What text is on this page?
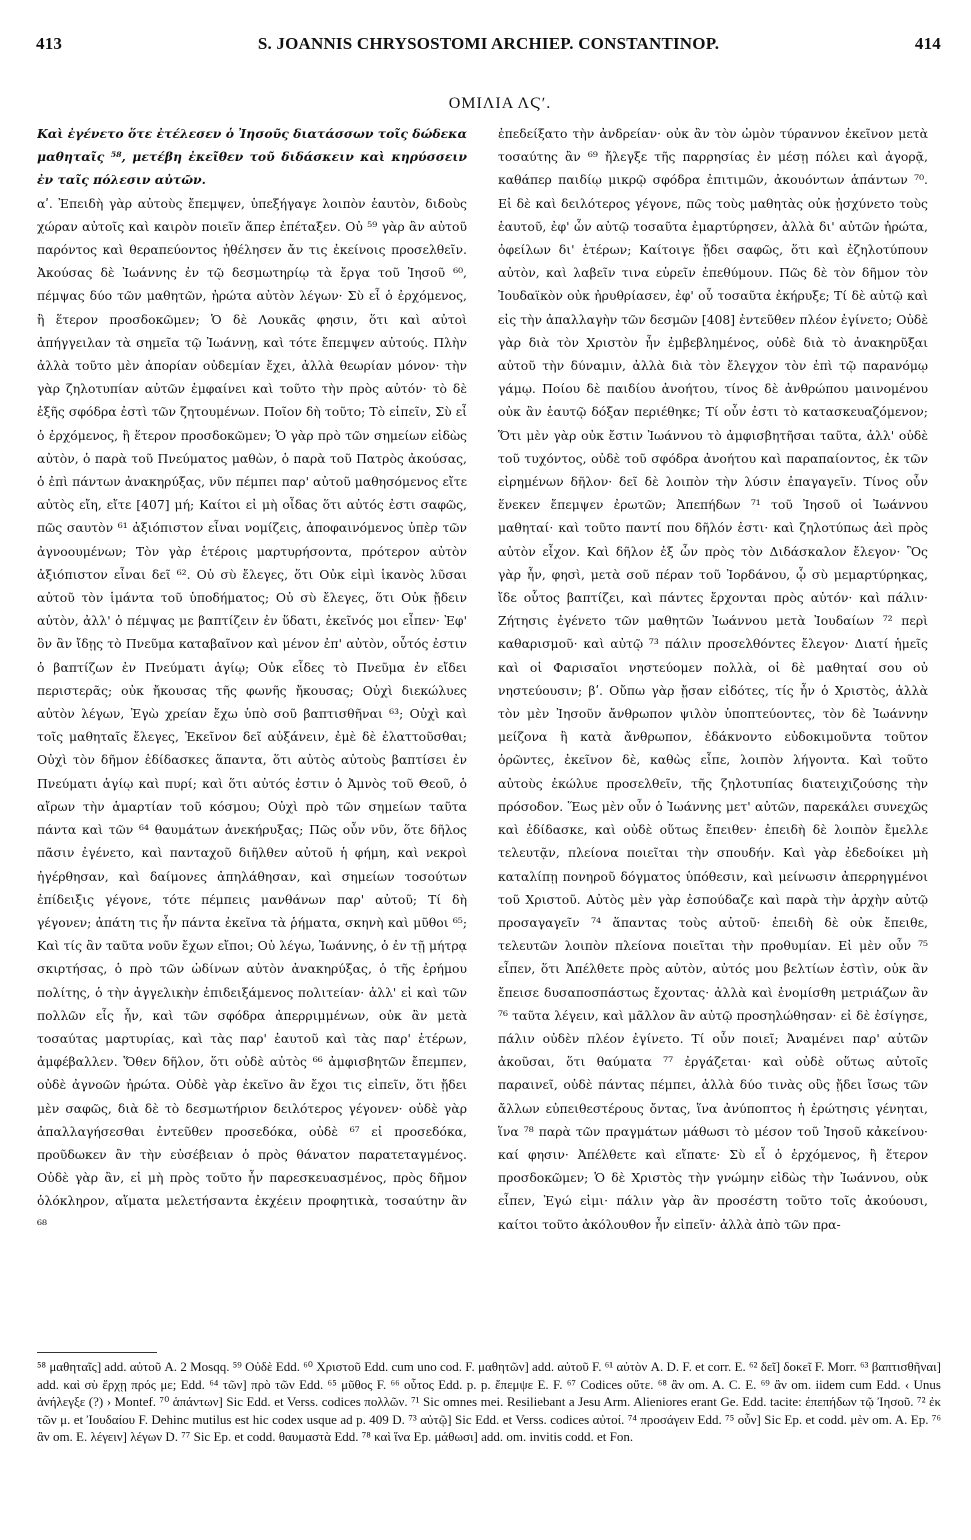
413	S. JOANNIS CHRYSOSTOMI ARCHIEP. CONSTANTINOP.	414
ΟΜΙΛΙΑ ΛϚʹ.

Καὶ ἐγένετο ὅτε ἐτέλεσεν ὁ Ἰησοῦς διατάσσων τοῖς δώδεκα μαθηταῖς ⁵⁸, μετέβη ἐκεῖθεν τοῦ διδάσκειν καὶ κηρύσσειν ἐν ταῖς πόλεσιν αὐτῶν.

αʹ. Ἐπειδὴ γὰρ αὐτοὺς ἔπεμψεν, ὑπεξήγαγε λοιπὸν ἑαυτὸν, διδοὺς χώραν αὐτοῖς καὶ καιρὸν ποιεῖν ἅπερ ἐπέταξεν. Οὐ ⁵⁹ γὰρ ἂν αὐτοῦ παρόντος καὶ θεραπεύοντος ἠθέλησεν ἄν τις ἐκείνοις προσελθεῖν. Ἀκούσας δὲ Ἰωάννης ἐν τῷ δεσμωτηρίῳ τὰ ἔργα τοῦ Ἰησοῦ ⁶⁰, πέμψας δύο τῶν μαθητῶν, ἠρώτα αὐτὸν λέγων· Σὺ εἶ ὁ ἐρχόμενος, ἢ ἕτερον προσδοκῶμεν; Ὁ δὲ Λουκᾶς φησιν, ὅτι καὶ αὐτοὶ ἀπήγγειλαν τὰ σημεῖα τῷ Ἰωάννῃ, καὶ τότε ἔπεμψεν αὐτούς. Πλὴν ἀλλὰ τοῦτο μὲν ἀπορίαν οὐδεμίαν ἔχει, ἀλλὰ θεωρίαν μόνον· τὴν γὰρ ζηλοτυπίαν αὐτῶν ἐμφαίνει καὶ τοῦτο τὴν πρὸς αὐτόν· τὸ δὲ ἑξῆς σφόδρα ἐστὶ τῶν ζητουμένων. Ποῖον δὴ τοῦτο; Τὸ εἰπεῖν, Σὺ εἶ ὁ ἐρχόμενος, ἢ ἕτερον προσδοκῶμεν; Ὁ γὰρ πρὸ τῶν σημείων εἰδὼς αὐτὸν, ὁ παρὰ τοῦ Πνεύματος μαθὼν, ὁ παρὰ τοῦ Πατρὸς ἀκούσας, ὁ ἐπὶ πάντων ἀνακηρύξας, νῦν πέμπει παρ' αὐτοῦ μαθησόμενος εἴτε αὐτὸς εἴη, εἴτε [407] μή; Καίτοι εἰ μὴ οἶδας ὅτι αὐτός ἐστι σαφῶς, πῶς σαυτὸν ⁶¹ ἀξιόπιστον εἶναι νομίζεις, ἀποφαινόμενος ὑπὲρ τῶν ἀγνοουμένων; Τὸν γὰρ ἑτέροις μαρτυρήσοντα, πρότερον αὐτὸν ἀξιόπιστον εἶναι δεῖ ⁶². Οὐ σὺ ἔλεγες, ὅτι Οὐκ εἰμὶ ἱκανὸς λῦσαι αὐτοῦ τὸν ἱμάντα τοῦ ὑποδήματος; Οὐ σὺ ἔλεγες, ὅτι Οὐκ ᾔδειν αὐτὸν, ἀλλ' ὁ πέμψας με βαπτίζειν ἐν ὕδατι, ἐκεῖνός μοι εἶπεν· Ἐφ' ὃν ἂν ἴδῃς τὸ Πνεῦμα καταβαῖνον καὶ μένον ἐπ' αὐτὸν, οὗτός ἐστιν ὁ βαπτίζων ἐν Πνεύματι ἁγίῳ; Οὐκ εἶδες τὸ Πνεῦμα ἐν εἴδει περιστερᾶς; οὐκ ἤκουσας τῆς φωνῆς ἤκουσας; Οὐχὶ διεκώλυες αὐτὸν λέγων, Ἐγὼ χρείαν ἔχω ὑπὸ σοῦ βαπτισθῆναι ⁶³; Οὐχὶ καὶ τοῖς μαθηταῖς ἔλεγες, Ἐκεῖνον δεῖ αὐξάνειν, ἐμὲ δὲ ἐλαττοῦσθαι; Οὐχὶ τὸν δῆμον ἐδίδασκες ἅπαντα, ὅτι αὐτὸς αὐτοὺς βαπτίσει ἐν Πνεύματι ἁγίῳ καὶ πυρί; καὶ ὅτι αὐτός ἐστιν ὁ Ἀμνὸς τοῦ Θεοῦ, ὁ αἴρων τὴν ἁμαρτίαν τοῦ κόσμου; Οὐχὶ πρὸ τῶν σημείων ταῦτα πάντα καὶ τῶν ⁶⁴ θαυμάτων ἀνεκήρυξας; Πῶς οὖν νῦν, ὅτε δῆλος πᾶσιν ἐγένετο, καὶ πανταχοῦ διῆλθεν αὐτοῦ ἡ φήμη, καὶ νεκροὶ ἠγέρθησαν, καὶ δαίμονες ἀπηλάθησαν, καὶ σημείων τοσούτων ἐπίδειξις γέγονε, τότε πέμπεις μανθάνων παρ' αὐτοῦ; Τί δὴ γέγονεν; ἀπάτη τις ἦν πάντα ἐκεῖνα τὰ ῥήματα, σκηνὴ καὶ μῦθοι ⁶⁵; Καὶ τίς ἂν ταῦτα νοῦν ἔχων εἴποι; Οὐ λέγω, Ἰωάννης, ὁ ἐν τῇ μήτρᾳ σκιρτήσας, ὁ πρὸ τῶν ὠδίνων αὐτὸν ἀνακηρύξας, ὁ τῆς ἐρήμου πολίτης, ὁ τὴν ἀγγελικὴν ἐπιδειξάμενος πολιτείαν· ἀλλ' εἰ καὶ τῶν πολλῶν εἷς ἦν, καὶ τῶν σφόδρα ἀπερριμμένων, οὐκ ἂν μετὰ τοσαύτας μαρτυρίας, καὶ τὰς παρ' ἑαυτοῦ καὶ τὰς παρ' ἑτέρων, ἀμφέβαλλεν. Ὅθεν δῆλον, ὅτι οὐδὲ αὐτὸς ⁶⁶ ἀμφισβητῶν ἔπεμπεν, οὐδὲ ἀγνοῶν ἠρώτα. Οὐδὲ γὰρ ἐκεῖνο ἂν ἔχοι τις εἰπεῖν, ὅτι ᾔδει μὲν σαφῶς, διὰ δὲ τὸ δεσμωτήριον δειλότερος γέγονεν· οὐδὲ γὰρ ἀπαλλαγήσεσθαι ἐντεῦθεν προσεδόκα, οὐδὲ ⁶⁷ εἰ προσεδόκα, προῦδωκεν ἂν τὴν εὐσέβειαν ὁ πρὸς θάνατον παρατεταγμένος. Οὐδὲ γὰρ ἂν, εἰ μὴ πρὸς τοῦτο ἦν παρεσκευασμένος, πρὸς δῆμον ὁλόκληρον, αἵματα μελετήσαντα ἐκχέειν προφητικὰ, τοσαύτην ἂν ⁶⁸

ἐπεδείξατο τὴν ἀνδρείαν· οὐκ ἂν τὸν ὠμὸν τύραννον ἐκεῖνον μετὰ τοσαύτης ἂν ⁶⁹ ἤλεγξε τῆς παρρησίας ἐν μέσῃ πόλει καὶ ἀγορᾷ, καθάπερ παιδίῳ μικρῷ σφόδρα ἐπιτιμῶν, ἀκουόντων ἁπάντων ⁷⁰. Εἰ δὲ καὶ δειλότερος γέγονε, πῶς τοὺς μαθητὰς οὐκ ᾐσχύνετο τοὺς ἑαυτοῦ, ἐφ' ὧν αὐτῷ τοσαῦτα ἐμαρτύρησεν, ἀλλὰ δι' αὐτῶν ἠρώτα, ὀφείλων δι' ἑτέρων; Καίτοιγε ᾔδει σαφῶς, ὅτι καὶ ἐζηλοτύπουν αὐτὸν, καὶ λαβεῖν τινα εὑρεῖν ἐπεθύμουν. Πῶς δὲ τὸν δῆμον τὸν Ἰουδαϊκὸν οὐκ ἠρυθρίασεν, ἐφ' οὗ τοσαῦτα ἐκήρυξε; Τί δὲ αὐτῷ καὶ εἰς τὴν ἀπαλλαγὴν τῶν δεσμῶν [408] ἐντεῦθεν πλέον ἐγίνετο; Οὐδὲ γὰρ διὰ τὸν Χριστὸν ἦν ἐμβεβλημένος, οὐδὲ διὰ τὸ ἀνακηρῦξαι αὐτοῦ τὴν δύναμιν, ἀλλὰ διὰ τὸν ἔλεγχον τὸν ἐπὶ τῷ παρανόμῳ γάμῳ. Ποίου δὲ παιδίου ἀνοήτου, τίνος δὲ ἀνθρώπου μαινομένου οὐκ ἂν ἑαυτῷ δόξαν περιέθηκε; Τί οὖν ἐστι τὸ κατασκευαζόμενον; Ὅτι μὲν γὰρ οὐκ ἔστιν Ἰωάννου τὸ ἀμφισβητῆσαι ταῦτα, ἀλλ' οὐδὲ τοῦ τυχόντος, οὐδὲ τοῦ σφόδρα ἀνοήτου καὶ παραπαίοντος, ἐκ τῶν εἰρημένων δῆλον· δεῖ δὲ λοιπὸν τὴν λύσιν ἐπαγαγεῖν. Τίνος οὖν ἕνεκεν ἔπεμψεν ἐρωτῶν; Ἀπεπήδων ⁷¹ τοῦ Ἰησοῦ οἱ Ἰωάννου μαθηταί· καὶ τοῦτο παντί που δῆλόν ἐστι· καὶ ζηλοτύπως ἀεὶ πρὸς αὐτὸν εἶχον. Καὶ δῆλον ἐξ ὧν πρὸς τὸν Διδάσκαλον ἔλεγον· Ὃς γὰρ ἦν, φησὶ, μετὰ σοῦ πέραν τοῦ Ἰορδάνου, ᾧ σὺ μεμαρτύρηκας, ἴδε οὗτος βαπτίζει, καὶ πάντες ἔρχονται πρὸς αὐτόν· καὶ πάλιν· Ζήτησις ἐγένετο τῶν μαθητῶν Ἰωάννου μετὰ Ἰουδαίων ⁷² περὶ καθαρισμοῦ· καὶ αὐτῷ ⁷³ πάλιν προσελθόντες ἔλεγον· Διατί ἡμεῖς καὶ οἱ Φαρισαῖοι νηστεύομεν πολλὰ, οἱ δὲ μαθηταί σου οὐ νηστεύουσιν; βʹ. Οὔπω γὰρ ᾔσαν εἰδότες, τίς ἦν ὁ Χριστὸς, ἀλλὰ τὸν μὲν Ἰησοῦν ἄνθρωπον ψιλὸν ὑποπτεύοντες, τὸν δὲ Ἰωάννην μείζονα ἢ κατὰ ἄνθρωπον, ἐδάκνοντο εὐδοκιμοῦντα τοῦτον ὁρῶντες, ἐκεῖνον δὲ, καθὼς εἶπε, λοιπὸν λήγοντα. Καὶ τοῦτο αὐτοὺς ἐκώλυε προσελθεῖν, τῆς ζηλοτυπίας διατειχιζούσης τὴν πρόσοδον. Ἕως μὲν οὖν ὁ Ἰωάννης μετ' αὐτῶν, παρεκάλει συνεχῶς καὶ ἐδίδασκε, καὶ οὐδὲ οὕτως ἔπειθεν· ἐπειδὴ δὲ λοιπὸν ἔμελλε τελευτᾷν, πλείονα ποιεῖται τὴν σπουδήν. Καὶ γὰρ ἐδεδοίκει μὴ καταλίπῃ πονηροῦ δόγματος ὑπόθεσιν, καὶ μείνωσιν ἀπερρηγμένοι τοῦ Χριστοῦ. Αὐτὸς μὲν γὰρ ἐσπούδαζε καὶ παρὰ τὴν ἀρχὴν αὐτῷ προσαγαγεῖν ⁷⁴ ἅπαντας τοὺς αὐτοῦ· ἐπειδὴ δὲ οὐκ ἔπειθε, τελευτῶν λοιπὸν πλείονα ποιεῖται τὴν προθυμίαν. Εἰ μὲν οὖν ⁷⁵ εἶπεν, ὅτι Ἀπέλθετε πρὸς αὐτὸν, αὐτός μου βελτίων ἐστὶν, οὐκ ἂν ἔπεισε δυσαποσπάστως ἔχοντας· ἀλλὰ καὶ ἐνομίσθη μετριάζων ἂν ⁷⁶ ταῦτα λέγειν, καὶ μᾶλλον ἂν αὐτῷ προσηλώθησαν· εἰ δὲ ἐσίγησε, πάλιν οὐδὲν πλέον ἐγίνετο. Τί οὖν ποιεῖ; Ἀναμένει παρ' αὐτῶν ἀκοῦσαι, ὅτι θαύματα ⁷⁷ ἐργάζεται· καὶ οὐδὲ οὕτως αὐτοῖς παραινεῖ, οὐδὲ πάντας πέμπει, ἀλλὰ δύο τινὰς οὓς ᾔδει ἴσως τῶν ἄλλων εὐπειθεστέρους ὄντας, ἵνα ἀνύποπτος ἡ ἐρώτησις γένηται, ἵνα ⁷⁸ παρὰ τῶν πραγμάτων μάθωσι τὸ μέσον τοῦ Ἰησοῦ κἀκείνου· καί φησιν· Ἀπέλθετε καὶ εἴπατε· Σὺ εἶ ὁ ἐρχόμενος, ἢ ἕτερον προσδοκῶμεν; Ὁ δὲ Χριστὸς τὴν γνώμην εἰδὼς τὴν Ἰωάννου, οὐκ εἶπεν, Ἐγώ εἰμι· πάλιν γὰρ ἂν προσέστη τοῦτο τοῖς ἀκούουσι, καίτοι τοῦτο ἀκόλουθον ἦν εἰπεῖν· ἀλλὰ ἀπὸ τῶν πρα-

⁵⁸ μαθηταῖς] add. αὐτοῦ A. 2 Mosqq. ⁵⁹ Οὐδὲ Edd. ⁶⁰ Χριστοῦ Edd. cum uno cod. F. μαθητῶν] add. αὐτοῦ F. ⁶¹ αὐτὸν A. D. F. et corr. E. ⁶² δεῖ] δοκεῖ F. Morr. ⁶³ βαπτισθῆναι] add. καὶ σὺ ἔρχῃ πρός με; Edd. ⁶⁴ τῶν] πρὸ τῶν Edd. ⁶⁵ μῦθος F. ⁶⁶ οὗτος Edd. p. p. ἔπεμψε E. F. ⁶⁷ Codices οὔτε. ⁶⁸ ἂν om. A. C. E. ⁶⁹ ἂν om. iidem cum Edd. ‹ Unus ἀνήλεγξε (?) › Montef. ⁷⁰ ἁπάντων] Sic Edd. et Verss. codices πολλῶν. ⁷¹ Sic omnes mei. Resiliebant a Jesu Arm. Alieniores erant Ge. Edd. tacite: ἐπεπήδων τῷ Ἰησοῦ. ⁷² ἐκ τῶν μ. et Ἰουδαίου F. Dehinc mutilus est hic codex usque ad p. 409 D. ⁷³ αὐτῷ] Sic Edd. et Verss. codices αὐτοί. ⁷⁴ προσάγειν Edd. ⁷⁵ οὖν] Sic Ep. et codd. μὲν om. A. Ep. ⁷⁶ ἂν om. E. λέγειν] λέγων D. ⁷⁷ Sic Ep. et codd. θαυμαστὰ Edd. ⁷⁸ καὶ ἵνα Ep. μάθωσι] add. om. invitis codd. et Fon.
